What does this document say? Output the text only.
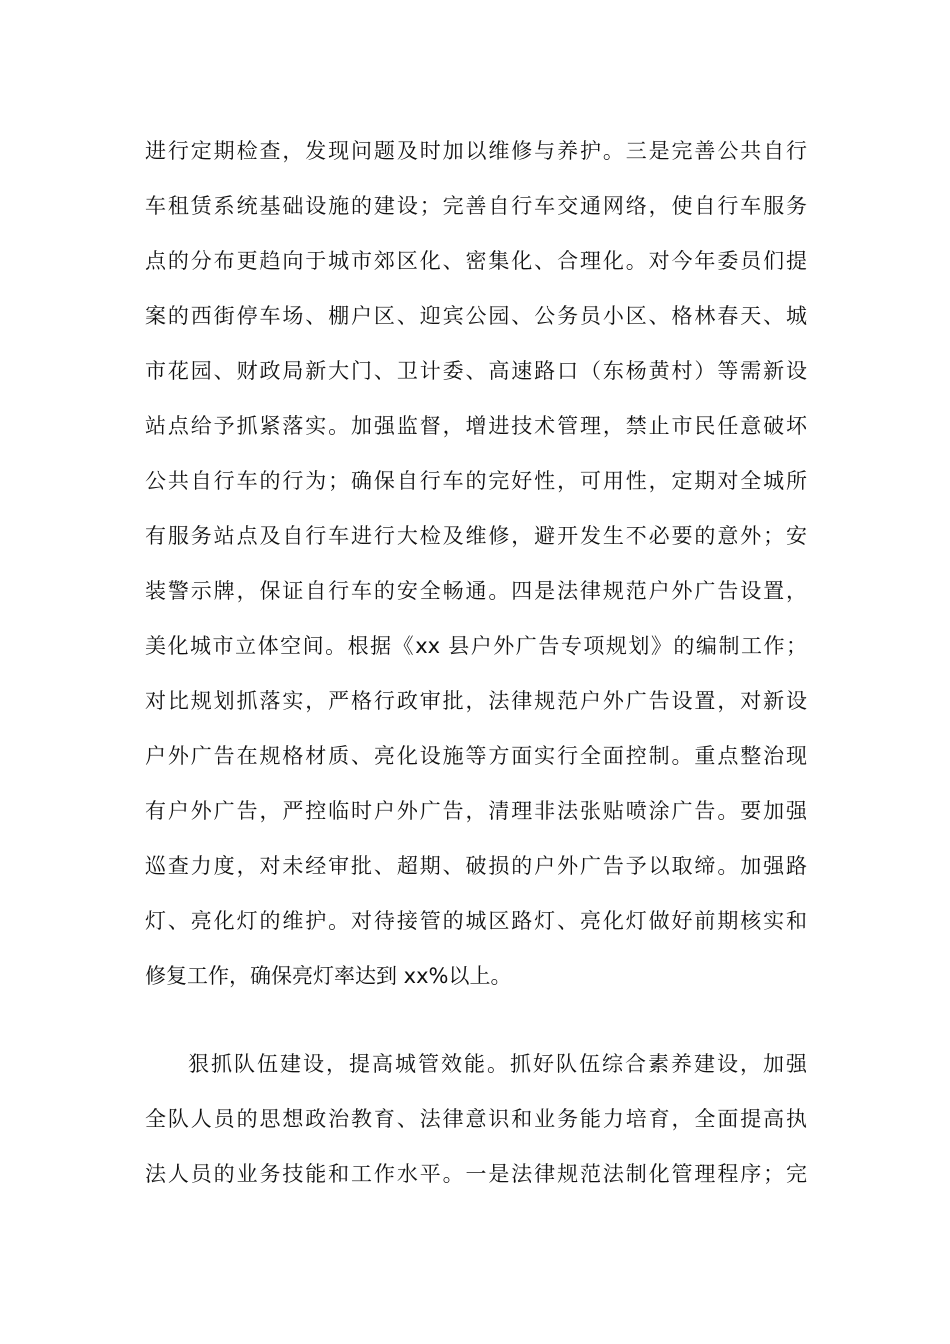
进行定期检查，发现问题及时加以维修与养护。三是完善公共自行
车租赁系统基础设施的建设；完善自行车交通网络，使自行车服务
点的分布更趋向于城市郊区化、密集化、合理化。对今年委员们提
案的西街停车场、棚户区、迎宾公园、公务员小区、格林春天、城
市花园、财政局新大门、卫计委、高速路口（东杨黄村）等需新设
站点给予抓紧落实。加强监督，增进技术管理，禁止市民任意破坏
公共自行车的行为；确保自行车的完好性，可用性，定期对全城所
有服务站点及自行车进行大检及维修，避开发生不必要的意外；安
装警示牌，保证自行车的安全畅通。四是法律规范户外广告设置，
美化城市立体空间。根据《xx 县户外广告专项规划》的编制工作；
对比规划抓落实，严格行政审批，法律规范户外广告设置，对新设
户外广告在规格材质、亮化设施等方面实行全面控制。重点整治现
有户外广告，严控临时户外广告，清理非法张贴喷涂广告。要加强
巡查力度，对未经审批、超期、破损的户外广告予以取缔。加强路
灯、亮化灯的维护。对待接管的城区路灯、亮化灯做好前期核实和
修复工作，确保亮灯率达到 xx%以上。
狠抓队伍建设，提高城管效能。抓好队伍综合素养建设，加强
全队人员的思想政治教育、法律意识和业务能力培育，全面提高执
法人员的业务技能和工作水平。一是法律规范法制化管理程序；完
